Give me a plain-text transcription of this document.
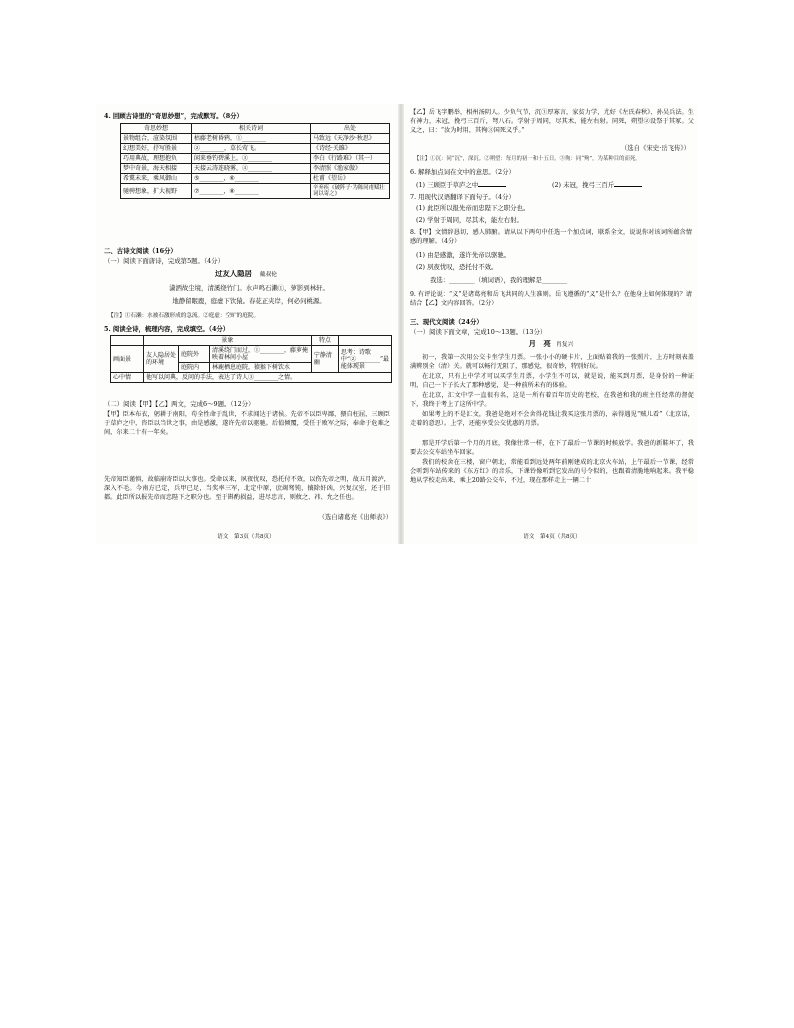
4. 回顾古诗里的“奇思妙想”，完成默写。（8分）
奇思妙想	相关诗词	出处
景物组合，渲染氛围	枯藤老树昏鸦，①________	马致远《天净沙·秋思》
幻想美好，抒写胜景	②________，草长莺飞。	《诗经·关雎》
巧用典故，理想抱负	闲来垂钓碧溪上，③________	李白《行路难》（其一）
梦中奇景，海天相接	天接云涛连晓雾，④________	李清照《渔家傲》
希冀未来，乘风御山	⑤________，⑥________	杜甫《望岳》
驰骋想象，扩大视野	⑦________，⑧________	辛弃疾《破阵子·为陈同甫赋壮词以寄之》
二、古诗文阅读（16分）
（一）阅读下面唐诗，完成第5题。（4分）
过友人隐居 戴叔伦
潇洒故尘境，清溪绕竹门。水声鸣石濑①，萝影到林轩。
地静留眠鹿，庭虚下饮猿。春花正夹岸，何必问桃源。
【注】①石濑：水被石激形成的急流。②庭虚：空旷的庭院。
5. 阅读全诗，梳理内容，完成填空。（4分）
	景象			特点	
画面景	友人隐居处的环境	庭院外	清溪绕门而过，①________，藤萝掩映着林间小屋	宁静清幽	思考：诗歌中“②________”最能体现景
		庭院内	林鹿栖息庭院，猿猴下树饮水		
心中情	他写以问典，反问的手法，表达了诗人③________之情。				
（二）阅读【甲】【乙】两文，完成6～9题。（12分）
【甲】臣本布衣，躬耕于南阳，苟全性命于乱世，不求闻达于诸侯。先帝不以臣卑鄙，猥自枉屈，三顾臣于草庐之中，咨臣以当世之事，由是感激，遂许先帝以驱驰。后值倾覆，受任于败军之际，奉命于危难之间，尔来二十有一年矣。
先帝知臣谨慎，故临崩寄臣以大事也。受命以来，夙夜忧叹，恐托付不效，以伤先帝之明，故五月渡泸，深入不毛。今南方已定，兵甲已足，当奖率三军，北定中原，庶竭驽钝，攘除奸凶，兴复汉室，还于旧都。此臣所以报先帝而忠陛下之职分也。至于斟酌损益，进尽忠言，则攸之、祎、允之任也。
（选自诸葛亮《出师表》）
语文　第3页（共8页）
【乙】岳飞字鹏举，相州汤阴人。少负气节，沉①厚寡言，家贫力学，尤好《左氏春秋》、孙吴兵法。生有神力，未冠，挽弓三百斤，弩八石。学射于周同，尽其术，能左右射。同死，朔望②设祭于其冢。父义之，曰：“汝为时用，其徇③国死义乎。”
（选自《宋史·岳飞传》）
【注】①沉：同“沉”，深沉。②朔望：每月的初一和十五日。③徇：同“殉”，为某种目的而死。
6. 解释加点词在文中的意思。（2分）
(1) 三顾臣于草庐之中	(2) 未冠，挽弓三百斤
7. 用现代汉语翻译下面句子。（4分）
(1) 此臣所以报先帝而忠陛下之职分也。
(2) 学射于周同，尽其术，能左右射。
8.【甲】文情辞恳切，感人肺腑。请从以下两句中任选一个加点词，联系全文，说说你对该词所蕴含情感的理解。（4分）
(1) 由是感激，遂许先帝以驱驰。
(2) 夙夜忧叹，恐托付不效。
我选：________（填词语），我的理解是________
9. 有评论说：“义”是诸葛亮和岳飞共同的人生准则。岳飞遵循的“义”是什么？在他身上如何体现的？请结合【乙】文内容回答。（2分）
三、现代文阅读（24分）
（一）阅读下面文章，完成10～13题。（13分）
月　亮 肖复兴
初一，我第一次用公交卡坐学生月票。一张小小的硬卡片，上面贴着我的一张照片，上方时刻表盖满辨别全（清）关。就可以畅行无阻了，那感觉，很奇妙，特别好玩。
在北京，只有上中学才可以买学生月票，小学生不可以，就是说，能买到月票，是身份的一种证明，自己一下子长大了那种感觉，是一种前所未有的体验。
在北京，汇文中学一直很有名，这是一所有着百年历史的老校，在我爸和我的班主任经常的督促下，我终于考上了这所中学。
如果考上的不是汇文，我爸是绝对不会舍得花钱让我买这张月票的，亲得遇见“贼儿看”（北京话，走着的意思）。上学，还能享受公交优惠的月票。
那是开学后第一个月的月底，我像往常一样，在下了最后一节课的时候放学。我爸的新鞋坏了，我要去公交车站坐车回家。
我们的校舍在三楼，窗户朝北，常能看到远处两年前刚建成的北京火车站，上午最后一节课，经常会听到车站传来的《东方红》的音乐，下课铃像听到它发出的号令似的，也跟着清脆地响起来。我平稳地从学校走出来，乘上20路公交车，不过，现在那样走上一辆二十
语文　第4页（共8页）
